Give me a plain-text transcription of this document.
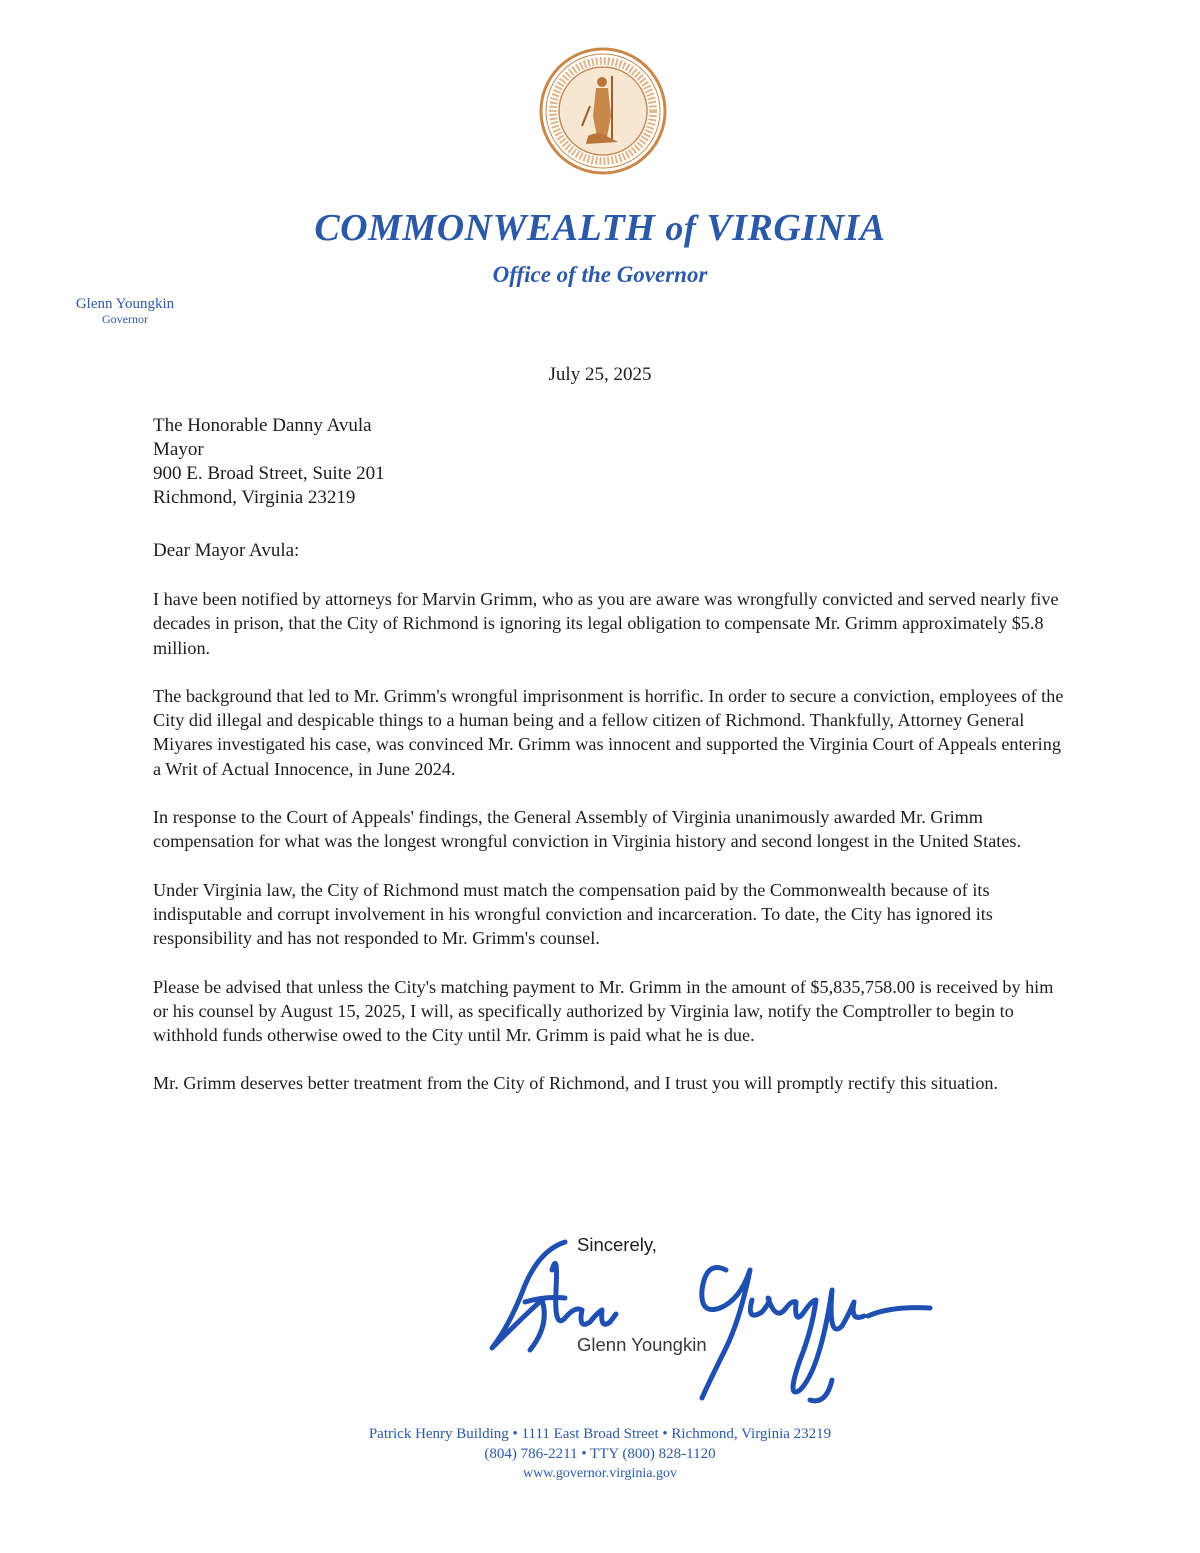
COMMONWEALTH of VIRGINIA
Office of the Governor
Glenn Youngkin
Governor
July 25, 2025
The Honorable Danny Avula
Mayor
900 E. Broad Street, Suite 201
Richmond, Virginia 23219
Dear Mayor Avula:

I have been notified by attorneys for Marvin Grimm, who as you are aware was wrongfully convicted and served nearly five decades in prison, that the City of Richmond is ignoring its legal obligation to compensate Mr. Grimm approximately $5.8 million.

The background that led to Mr. Grimm's wrongful imprisonment is horrific. In order to secure a conviction, employees of the City did illegal and despicable things to a human being and a fellow citizen of Richmond. Thankfully, Attorney General Miyares investigated his case, was convinced Mr. Grimm was innocent and supported the Virginia Court of Appeals entering a Writ of Actual Innocence, in June 2024.

In response to the Court of Appeals' findings, the General Assembly of Virginia unanimously awarded Mr. Grimm compensation for what was the longest wrongful conviction in Virginia history and second longest in the United States.

Under Virginia law, the City of Richmond must match the compensation paid by the Commonwealth because of its indisputable and corrupt involvement in his wrongful conviction and incarceration. To date, the City has ignored its responsibility and has not responded to Mr. Grimm's counsel.

Please be advised that unless the City's matching payment to Mr. Grimm in the amount of $5,835,758.00 is received by him or his counsel by August 15, 2025, I will, as specifically authorized by Virginia law, notify the Comptroller to begin to withhold funds otherwise owed to the City until Mr. Grimm is paid what he is due.

Mr. Grimm deserves better treatment from the City of Richmond, and I trust you will promptly rectify this situation.

Sincerely,
Glenn Youngkin
Patrick Henry Building • 1111 East Broad Street • Richmond, Virginia 23219
(804) 786-2211 • TTY (800) 828-1120
www.governor.virginia.gov
